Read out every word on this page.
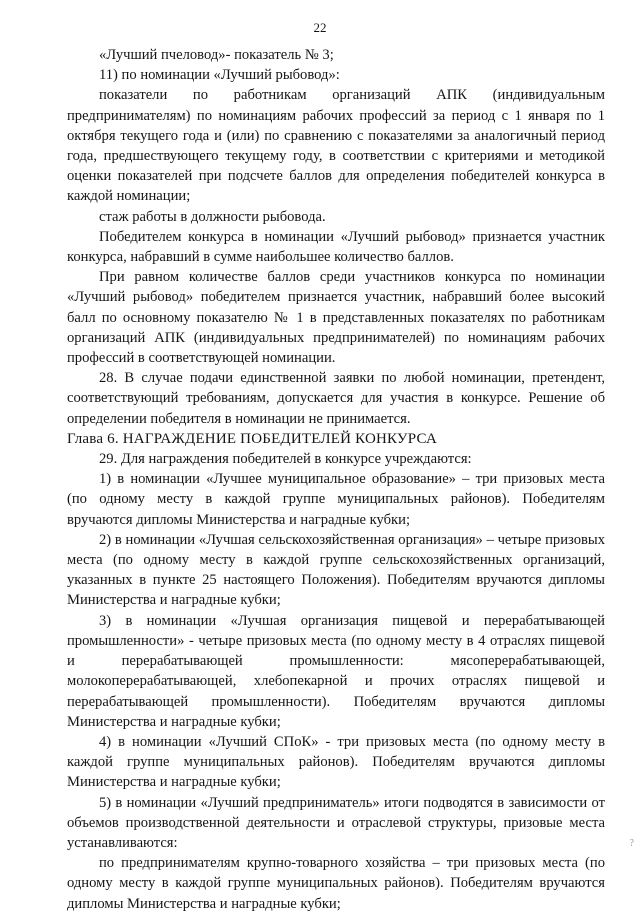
22

«Лучший пчеловод»- показатель № 3;

11) по номинации «Лучший рыбовод»:

показатели по работникам организаций АПК (индивидуальным предпринимателям) по номинациям рабочих профессий за период с 1 января по 1 октября текущего года и (или) по сравнению с показателями за аналогичный период года, предшествующего текущему году, в соответствии с критериями и методикой оценки показателей при подсчете баллов для определения победителей конкурса в каждой номинации;

стаж работы в должности рыбовода.

Победителем конкурса в номинации «Лучший рыбовод» признается участник конкурса, набравший в сумме наибольшее количество баллов.

При равном количестве баллов среди участников конкурса по номинации «Лучший рыбовод» победителем признается участник, набравший более высокий балл по основному показателю № 1 в представленных показателях по работникам организаций АПК (индивидуальных предпринимателей) по номинациям рабочих профессий в соответствующей номинации.

28. В случае подачи единственной заявки по любой номинации, претендент, соответствующий требованиям, допускается для участия в конкурсе. Решение об определении победителя в номинации не принимается.

Глава 6. НАГРАЖДЕНИЕ ПОБЕДИТЕЛЕЙ КОНКУРСА

29. Для награждения победителей в конкурсе учреждаются:

1) в номинации «Лучшее муниципальное образование» – три призовых места (по одному месту в каждой группе муниципальных районов). Победителям вручаются дипломы Министерства и наградные кубки;

2) в номинации «Лучшая сельскохозяйственная организация» – четыре призовых места (по одному месту в каждой группе сельскохозяйственных организаций, указанных в пункте 25 настоящего Положения). Победителям вручаются дипломы Министерства и наградные кубки;

3) в номинации «Лучшая организация пищевой и перерабатывающей промышленности» - четыре призовых места (по одному месту в 4 отраслях пищевой и перерабатывающей промышленности: мясоперерабатывающей, молокоперерабатывающей, хлебопекарной и прочих отраслях пищевой и перерабатывающей промышленности). Победителям вручаются дипломы Министерства и наградные кубки;

4) в номинации «Лучший СПоК» - три призовых места (по одному месту в каждой группе муниципальных районов). Победителям вручаются дипломы Министерства и наградные кубки;

5) в номинации «Лучший предприниматель» итоги подводятся в зависимости от объемов производственной деятельности и отраслевой структуры, призовые места устанавливаются:

по предпринимателям крупно-товарного хозяйства – три призовых места (по одному месту в каждой группе муниципальных районов). Победителям вручаются дипломы Министерства и наградные кубки;

?
